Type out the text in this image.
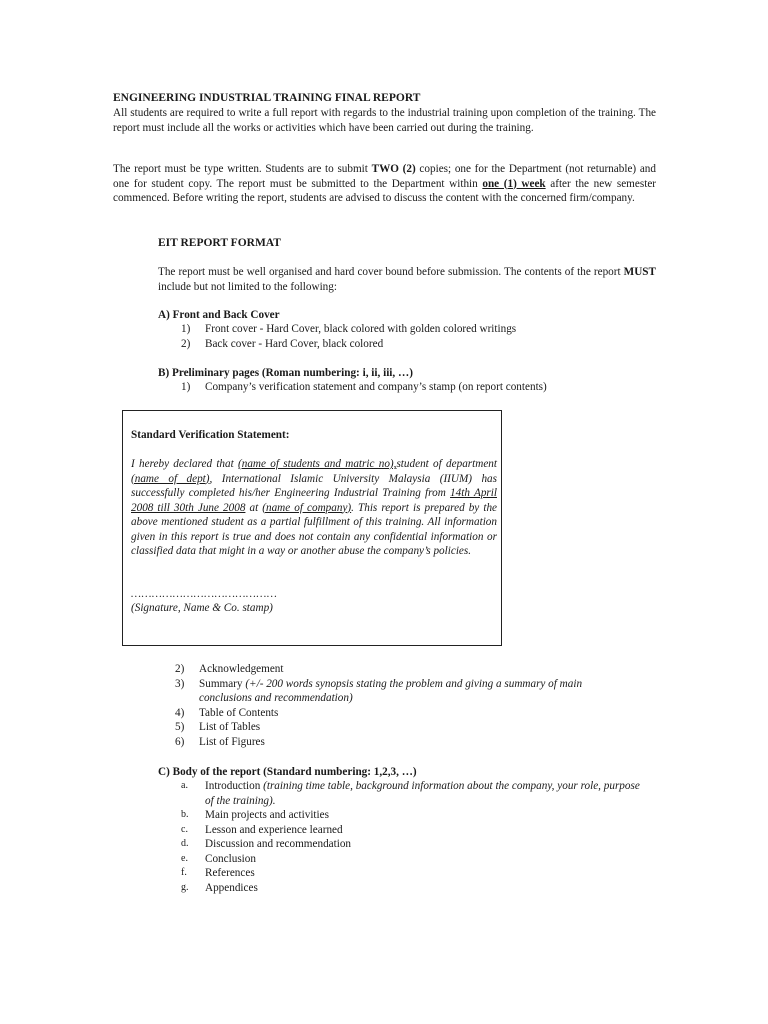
ENGINEERING INDUSTRIAL TRAINING FINAL REPORT
All students are required to write a full report with regards to the industrial training upon completion of the training. The report must include all the works or activities which have been carried out during the training.
The report must be type written. Students are to submit TWO (2) copies; one for the Department (not returnable) and one for student copy. The report must be submitted to the Department within one (1) week after the new semester commenced. Before writing the report, students are advised to discuss the content with the concerned firm/company.
EIT REPORT FORMAT
The report must be well organised and hard cover bound before submission. The contents of the report MUST include but not limited to the following:
A) Front and Back Cover
1) Front cover - Hard Cover, black colored with golden colored writings
2) Back cover - Hard Cover, black colored
B) Preliminary pages (Roman numbering: i, ii, iii, …)
1) Company’s verification statement and company’s stamp (on report contents)
Standard Verification Statement:
I hereby declared that (name of students and matric no),student of department (name of dept), International Islamic University Malaysia (IIUM) has successfully completed his/her Engineering Industrial Training from 14th April 2008 till 30th June 2008 at (name of company). This report is prepared by the above mentioned student as a partial fulfillment of this training. All information given in this report is true and does not contain any confidential information or classified data that might in a way or another abuse the company’s policies.
……………………………………
(Signature, Name & Co. stamp)
2) Acknowledgement
3) Summary (+/- 200 words synopsis stating the problem and giving a summary of main conclusions and recommendation)
4) Table of Contents
5) List of Tables
6) List of Figures
C) Body of the report (Standard numbering: 1,2,3, …)
a. Introduction (training time table, background information about the company, your role, purpose of the training).
b. Main projects and activities
c. Lesson and experience learned
d. Discussion and recommendation
e. Conclusion
f. References
g. Appendices
